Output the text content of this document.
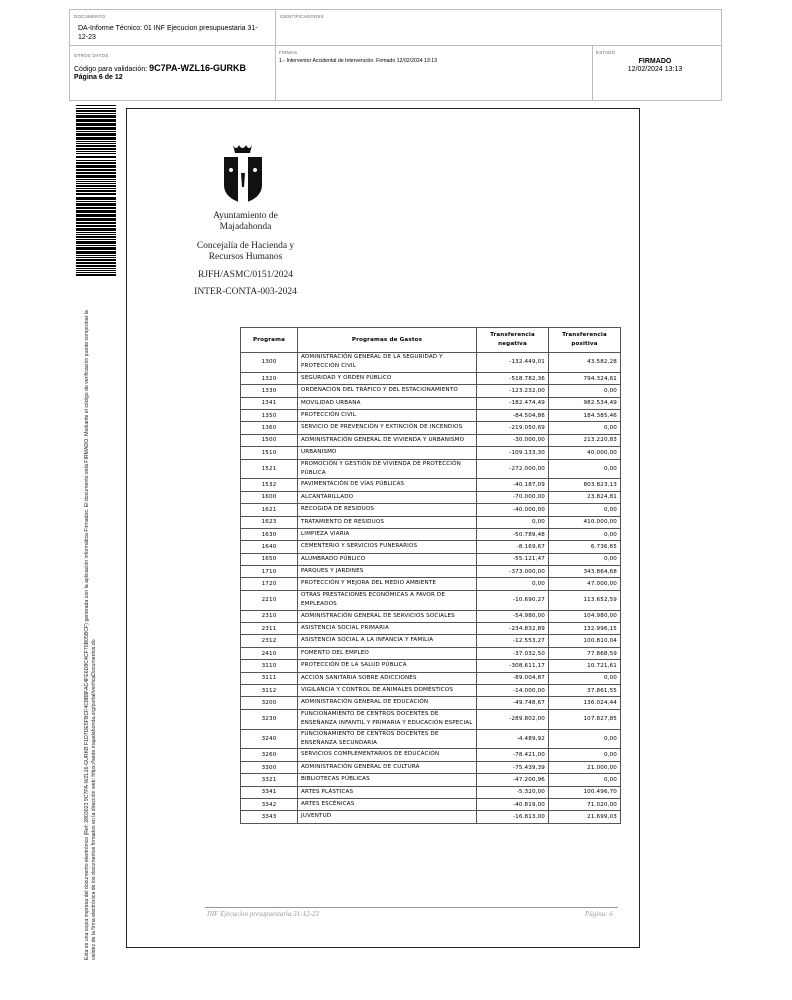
DOCUMENTO
DA-Informe Técnico: 01 INF Ejecucion presupuestaria 31-12-23
IDENTIFICADORES
OTROS DATOS
Código para validación: 9C7PA-WZL16-GURKB
Página 6 de 12
FIRMAS
1.- Interventor Accidental de Intervención. Firmado 12/02/2024 13:13
ESTADO
FIRMADO
12/02/2024 13:13
Esta es una copia impresa del documento electrónico (Ref: 2803023 9C7PA-WZL16-GURKB F1D7DE5FBCF4C8B8FAC4FE6D8C4CF70B05BCF) generada con la aplicación informática Firmadoc. El documento está FIRMADO. Mediante el código de verificación puede comprobar la validez de la firma electrónica de los documentos firmados en la dirección web: https://sede.majadahonda.org/portal/verificaDocumentos.do
Ayuntamiento de Majadahonda
Concejalía de Hacienda y Recursos Humanos
RJFH/ASMC/0151/2024
INTER-CONTA-003-2024
Programa	Programas de Gastos	Transferencia negativa	Transferencia positiva
1300	ADMINISTRACIÓN GENERAL DE LA SEGURIDAD Y PROTECCIÓN CIVIL	-132.449,01	43.582,28
1320	SEGURIDAD Y ORDEN PÚBLICO	-518.782,36	794.324,61
1330	ORDENACIÓN DEL TRÁFICO Y DEL ESTACIONAMIENTO	-123.232,00	0,00
1341	MOVILIDAD URBANA	-182.474,49	982.534,49
1350	PROTECCIÓN CIVIL	-84.504,86	184.385,46
1360	SERVICIO DE PREVENCIÓN Y EXTINCIÓN DE INCENDIOS	-219.050,69	0,00
1500	ADMINISTRACIÓN GENERAL DE VIVIENDA Y URBANISMO	-30.000,00	213.220,83
1510	URBANISMO	-109.133,30	40.000,00
1521	PROMOCIÓN Y GESTIÓN DE VIVIENDA DE PROTECCIÓN PÚBLICA	-272.000,00	0,00
1532	PAVIMENTACIÓN DE VÍAS PÚBLICAS	-40.187,09	803.823,13
1600	ALCANTARILLADO	-70.000,00	23.824,81
1621	RECOGIDA DE RESIDUOS	-40.000,00	0,00
1623	TRATAMIENTO DE RESIDUOS	0,00	410.000,00
1630	LIMPIEZA VIARIA	-50.789,48	0,00
1640	CEMENTERIO Y SERVICIOS FUNERARIOS	-8.169,67	6.736,65
1650	ALUMBRADO PÚBLICO	-55.121,47	0,00
1710	PARQUES Y JARDINES	-373.000,00	343.864,68
1720	PROTECCIÓN Y MEJORA DEL MEDIO AMBIENTE	0,00	47.000,00
2210	OTRAS PRESTACIONES ECONÓMICAS A FAVOR DE EMPLEADOS	-10.690,27	113.652,59
2310	ADMINISTRACIÓN GENERAL DE SERVICIOS SOCIALES	-54.980,00	104.980,00
2311	ASISTENCIA SOCIAL PRIMARIA	-234.832,89	132.996,15
2312	ASISTENCIA SOCIAL A LA INFANCIA Y FAMILIA	-12.553,27	100.810,04
2410	FOMENTO DEL EMPLEO	-37.032,50	77.868,59
3110	PROTECCIÓN DE LA SALUD PÚBLICA	-308.611,17	10.721,61
3111	ACCIÓN SANITARIA SOBRE ADICCIONES	-89.004,87	0,00
3112	VIGILANCIA Y CONTROL DE ANIMALES DOMÉSTICOS	-14.000,00	37.861,55
3200	ADMINISTRACIÓN GENERAL DE EDUCACIÓN	-49.748,67	136.024,44
3230	FUNCIONAMIENTO DE CENTROS DOCENTES DE ENSEÑANZA INFANTIL Y PRIMARIA Y EDUCACIÓN ESPECIAL	-289.802,00	107.827,85
3240	FUNCIONAMIENTO DE CENTROS DOCENTES DE ENSEÑANZA SECUNDARIA	-4.489,92	0,00
3260	SERVICIOS COMPLEMENTARIOS DE EDUCACIÓN	-78.421,00	0,00
3300	ADMINISTRACIÓN GENERAL DE CULTURA	-75.439,39	21.000,00
3321	BIBLIOTECAS PÚBLICAS	-47.200,96	0,00
3341	ARTES PLÁSTICAS	-5.320,00	100.496,70
3342	ARTES ESCÉNICAS	-40.819,00	71.020,00
3343	JUVENTUD	-16.813,00	21.699,03
INF Ejecucion presupuestaria 31-12-23	Página: 6
